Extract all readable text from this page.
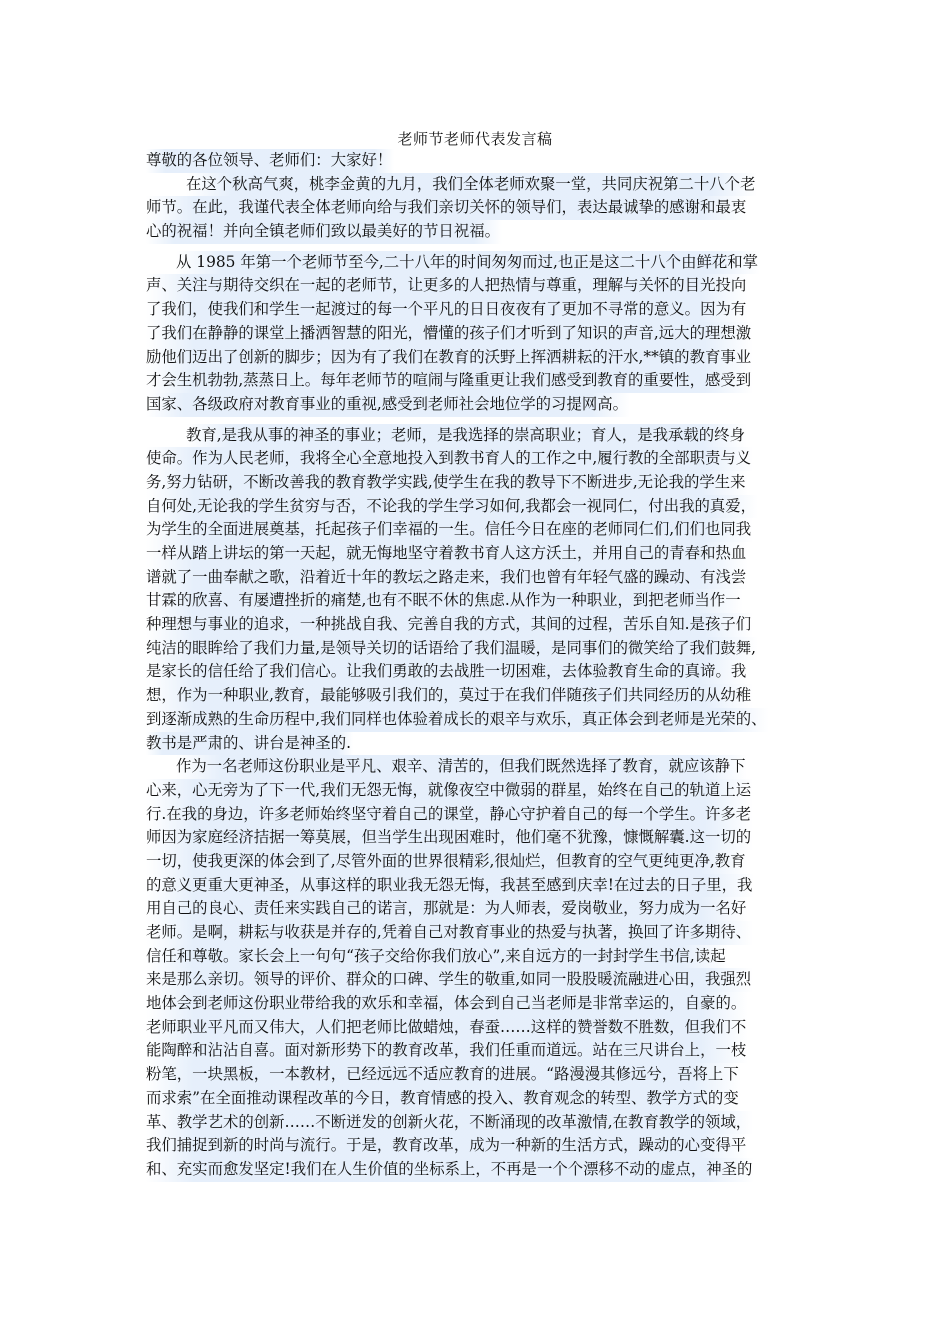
老师节老师代表发言稿
尊敬的各位领导、老师们：大家好！
在这个秋高气爽，桃李金黄的九月，我们全体老师欢聚一堂，共同庆祝第二十八个老
师节。在此，我谨代表全体老师向给与我们亲切关怀的领导们，表达最诚挚的感谢和最衷
心的祝福！并向全镇老师们致以最美好的节日祝福。
从 1985 年第一个老师节至今,二十八年的时间匆匆而过,也正是这二十八个由鲜花和掌
声、关注与期待交织在一起的老师节，让更多的人把热情与尊重，理解与关怀的目光投向
了我们，使我们和学生一起渡过的每一个平凡的日日夜夜有了更加不寻常的意义。因为有
了我们在静静的课堂上播洒智慧的阳光，懵懂的孩子们才听到了知识的声音,远大的理想激
励他们迈出了创新的脚步；因为有了我们在教育的沃野上挥洒耕耘的汗水,**镇的教育事业
才会生机勃勃,蒸蒸日上。每年老师节的喧闹与隆重更让我们感受到教育的重要性，感受到
国家、各级政府对教育事业的重视,感受到老师社会地位学的习提网高。
教育,是我从事的神圣的事业；老师，是我选择的崇高职业；育人，是我承载的终身
使命。作为人民老师，我将全心全意地投入到教书育人的工作之中,履行教的全部职责与义
务,努力钻研，不断改善我的教育教学实践,使学生在我的教导下不断进步,无论我的学生来
自何处,无论我的学生贫穷与否，不论我的学生学习如何,我都会一视同仁，付出我的真爱，
为学生的全面进展奠基，托起孩子们幸福的一生。信任今日在座的老师同仁们,们们也同我
一样从踏上讲坛的第一天起，就无悔地坚守着教书育人这方沃土，并用自己的青春和热血
谱就了一曲奉献之歌，沿着近十年的教坛之路走来，我们也曾有年轻气盛的躁动、有浅尝
甘霖的欣喜、有屡遭挫折的痛楚,也有不眠不休的焦虑.从作为一种职业，到把老师当作一
种理想与事业的追求，一种挑战自我、完善自我的方式，其间的过程，苦乐自知.是孩子们
纯洁的眼眸给了我们力量,是领导关切的话语给了我们温暖，是同事们的微笑给了我们鼓舞,
是家长的信任给了我们信心。让我们勇敢的去战胜一切困难，去体验教育生命的真谛。我
想，作为一种职业,教育，最能够吸引我们的，莫过于在我们伴随孩子们共同经历的从幼稚
到逐渐成熟的生命历程中,我们同样也体验着成长的艰辛与欢乐，真正体会到老师是光荣的、
教书是严肃的、讲台是神圣的.
作为一名老师这份职业是平凡、艰辛、清苦的，但我们既然选择了教育，就应该静下
心来，心无旁为了下一代,我们无怨无悔，就像夜空中微弱的群星，始终在自己的轨道上运
行.在我的身边，许多老师始终坚守着自己的课堂，静心守护着自己的每一个学生。许多老
师因为家庭经济拮据一筹莫展，但当学生出现困难时，他们毫不犹豫，慷慨解囊.这一切的
一切，使我更深的体会到了,尽管外面的世界很精彩,很灿烂，但教育的空气更纯更净,教育
的意义更重大更神圣，从事这样的职业我无怨无悔，我甚至感到庆幸!在过去的日子里，我
用自己的良心、责任来实践自己的诺言，那就是：为人师表，爱岗敬业，努力成为一名好
老师。是啊，耕耘与收获是并存的,凭着自己对教育事业的热爱与执著，换回了许多期待、
信任和尊敬。家长会上一句句“孩子交给你我们放心”,来自远方的一封封学生书信,读起
来是那么亲切。领导的评价、群众的口碑、学生的敬重,如同一股股暖流融进心田，我强烈
地体会到老师这份职业带给我的欢乐和幸福，体会到自己当老师是非常幸运的，自豪的。
老师职业平凡而又伟大，人们把老师比做蜡烛，春蚕……这样的赞誉数不胜数，但我们不
能陶醉和沾沾自喜。面对新形势下的教育改革，我们任重而道远。站在三尺讲台上，一枝
粉笔，一块黑板，一本教材，已经远远不适应教育的进展。“路漫漫其修远兮，吾将上下
而求索”在全面推动课程改革的今日，教育情感的投入、教育观念的转型、教学方式的变
革、教学艺术的创新……不断迸发的创新火花，不断涌现的改革激情,在教育教学的领域，
我们捕捉到新的时尚与流行。于是，教育改革，成为一种新的生活方式，躁动的心变得平
和、充实而愈发坚定!我们在人生价值的坐标系上，不再是一个个漂移不动的虚点，神圣的
